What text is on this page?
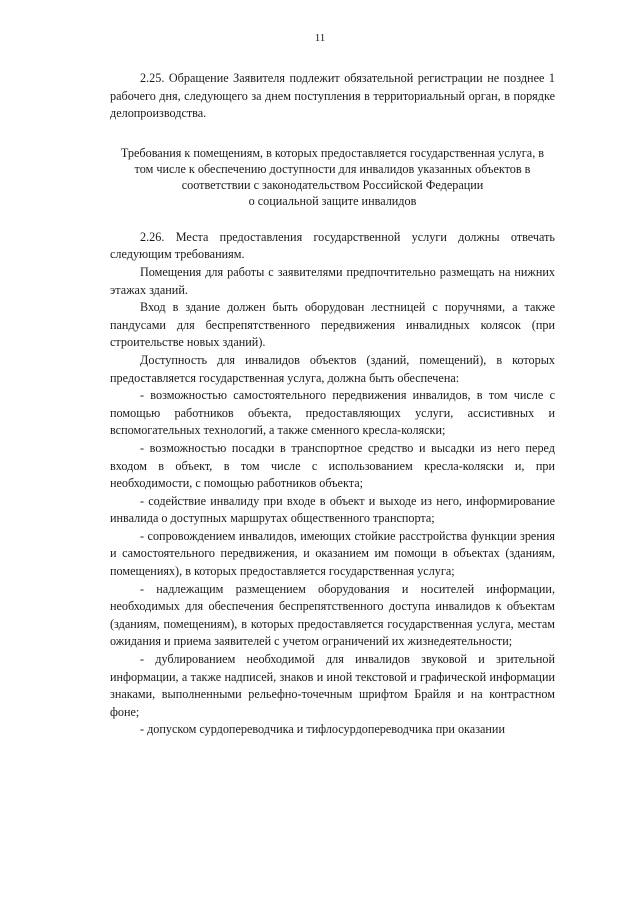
11

2.25. Обращение Заявителя подлежит обязательной регистрации не позднее 1 рабочего дня, следующего за днем поступления в территориальный орган, в порядке делопроизводства.

Требования к помещениям, в которых предоставляется государственная услуга, в
том числе к обеспечению доступности для инвалидов указанных объектов в
соответствии с законодательством Российской Федерации
о социальной защите инвалидов

2.26. Места предоставления государственной услуги должны отвечать следующим требованиям.

Помещения для работы с заявителями предпочтительно размещать на нижних этажах зданий.

Вход в здание должен быть оборудован лестницей с поручнями, а также пандусами для беспрепятственного передвижения инвалидных колясок (при строительстве новых зданий).

Доступность для инвалидов объектов (зданий, помещений), в которых предоставляется государственная услуга, должна быть обеспечена:

- возможностью самостоятельного передвижения инвалидов, в том числе с помощью работников объекта, предоставляющих услуги, ассистивных и вспомогательных технологий, а также сменного кресла-коляски;

- возможностью посадки в транспортное средство и высадки из него перед входом в объект, в том числе с использованием кресла-коляски и, при необходимости, с помощью работников объекта;

- содействие инвалиду при входе в объект и выходе из него, информирование инвалида о доступных маршрутах общественного транспорта;

- сопровождением инвалидов, имеющих стойкие расстройства функции зрения и самостоятельного передвижения, и оказанием им помощи в объектах (зданиям, помещениях), в которых предоставляется государственная услуга;

- надлежащим размещением оборудования и носителей информации, необходимых для обеспечения беспрепятственного доступа инвалидов к объектам (зданиям, помещениям), в которых предоставляется государственная услуга, местам ожидания и приема заявителей с учетом ограничений их жизнедеятельности;

- дублированием необходимой для инвалидов звуковой и зрительной информации, а также надписей, знаков и иной текстовой и графической информации знаками, выполненными рельефно-точечным шрифтом Брайля и на контрастном фоне;

- допуском сурдопереводчика и тифлосурдопереводчика при оказании
